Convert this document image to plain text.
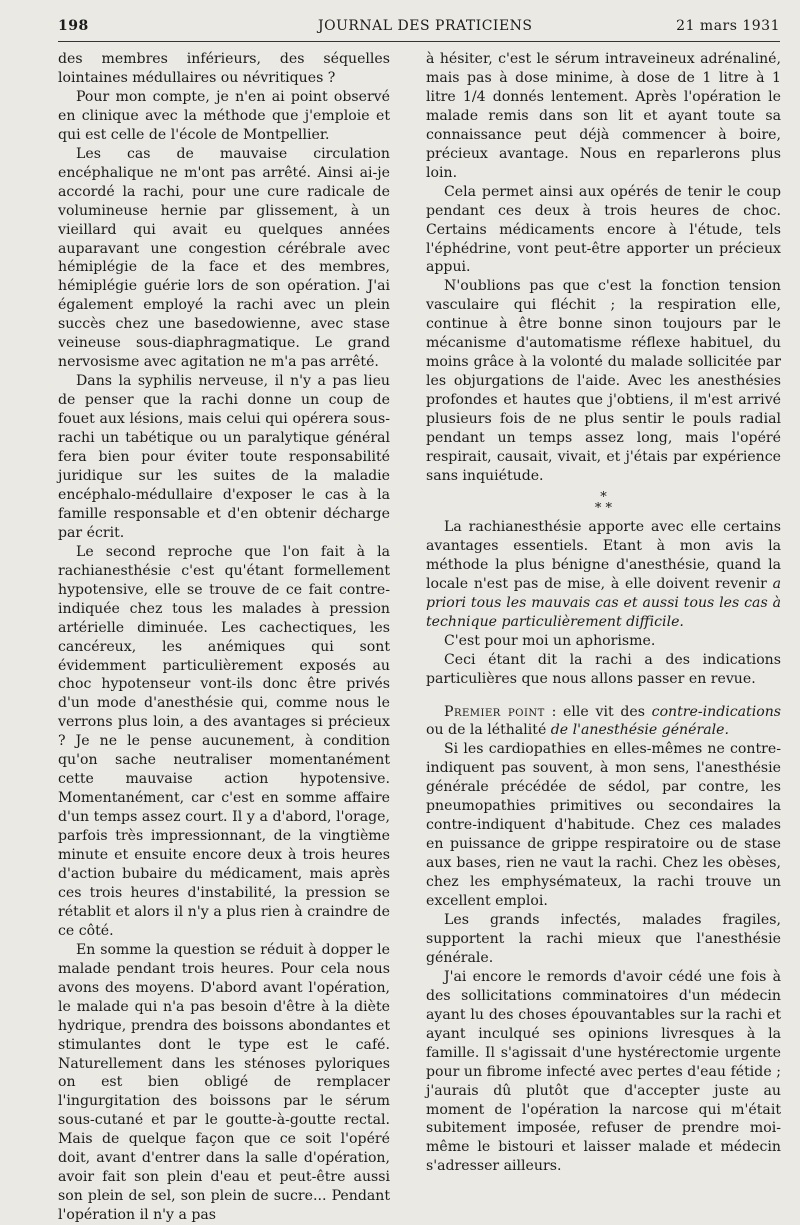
198	JOURNAL DES PRATICIENS	21 mars 1931

des membres inférieurs, des séquelles lointaines médullaires ou névritiques ?

Pour mon compte, je n'en ai point observé en clinique avec la méthode que j'emploie et qui est celle de l'école de Montpellier.

Les cas de mauvaise circulation encéphalique ne m'ont pas arrêté. Ainsi ai-je accordé la rachi, pour une cure radicale de volumineuse hernie par glissement, à un vieillard qui avait eu quelques années auparavant une congestion cérébrale avec hémiplégie de la face et des membres, hémiplégie guérie lors de son opération. J'ai également employé la rachi avec un plein succès chez une basedowienne, avec stase veineuse sous-diaphragmatique. Le grand nervosisme avec agitation ne m'a pas arrêté.

Dans la syphilis nerveuse, il n'y a pas lieu de penser que la rachi donne un coup de fouet aux lésions, mais celui qui opérera sous-rachi un tabétique ou un paralytique général fera bien pour éviter toute responsabilité juridique sur les suites de la maladie encéphalo-médullaire d'exposer le cas à la famille responsable et d'en obtenir décharge par écrit.

Le second reproche que l'on fait à la rachianesthésie c'est qu'étant formellement hypotensive, elle se trouve de ce fait contre-indiquée chez tous les malades à pression artérielle diminuée. Les cachectiques, les cancéreux, les anémiques qui sont évidemment particulièrement exposés au choc hypotenseur vont-ils donc être privés d'un mode d'anesthésie qui, comme nous le verrons plus loin, a des avantages si précieux ? Je ne le pense aucunement, à condition qu'on sache neutraliser momentanément cette mauvaise action hypotensive. Momentanément, car c'est en somme affaire d'un temps assez court. Il y a d'abord, l'orage, parfois très impressionnant, de la vingtième minute et ensuite encore deux à trois heures d'action bubaire du médicament, mais après ces trois heures d'instabilité, la pression se rétablit et alors il n'y a plus rien à craindre de ce côté.

En somme la question se réduit à dopper le malade pendant trois heures. Pour cela nous avons des moyens. D'abord avant l'opération, le malade qui n'a pas besoin d'être à la diète hydrique, prendra des boissons abondantes et stimulantes dont le type est le café. Naturellement dans les sténoses pyloriques on est bien obligé de remplacer l'ingurgitation des boissons par le sérum sous-cutané et par le goutte-à-goutte rectal. Mais de quelque façon que ce soit l'opéré doit, avant d'entrer dans la salle d'opération, avoir fait son plein d'eau et peut-être aussi son plein de sel, son plein de sucre... Pendant l'opération il n'y a pas

à hésiter, c'est le sérum intraveineux adrénaliné, mais pas à dose minime, à dose de 1 litre à 1 litre 1/4 donnés lentement. Après l'opération le malade remis dans son lit et ayant toute sa connaissance peut déjà commencer à boire, précieux avantage. Nous en reparlerons plus loin.

Cela permet ainsi aux opérés de tenir le coup pendant ces deux à trois heures de choc. Certains médicaments encore à l'étude, tels l'éphédrine, vont peut-être apporter un précieux appui.

N'oublions pas que c'est la fonction tension vasculaire qui fléchit ; la respiration elle, continue à être bonne sinon toujours par le mécanisme d'automatisme réflexe habituel, du moins grâce à la volonté du malade sollicitée par les objurgations de l'aide. Avec les anesthésies profondes et hautes que j'obtiens, il m'est arrivé plusieurs fois de ne plus sentir le pouls radial pendant un temps assez long, mais l'opéré respirait, causait, vivait, et j'étais par expérience sans inquiétude.

*
* *

La rachianesthésie apporte avec elle certains avantages essentiels. Etant à mon avis la méthode la plus bénigne d'anesthésie, quand la locale n'est pas de mise, à elle doivent revenir a priori tous les mauvais cas et aussi tous les cas à technique particulièrement difficile.

C'est pour moi un aphorisme.

Ceci étant dit la rachi a des indications particulières que nous allons passer en revue.

Premier point : elle vit des contre-indications ou de la léthalité de l'anesthésie générale.

Si les cardiopathies en elles-mêmes ne contre-indiquent pas souvent, à mon sens, l'anesthésie générale précédée de sédol, par contre, les pneumopathies primitives ou secondaires la contre-indiquent d'habitude. Chez ces malades en puissance de grippe respiratoire ou de stase aux bases, rien ne vaut la rachi. Chez les obèses, chez les emphysémateux, la rachi trouve un excellent emploi.

Les grands infectés, malades fragiles, supportent la rachi mieux que l'anesthésie générale.

J'ai encore le remords d'avoir cédé une fois à des sollicitations comminatoires d'un médecin ayant lu des choses épouvantables sur la rachi et ayant inculqué ses opinions livresques à la famille. Il s'agissait d'une hystérectomie urgente pour un fibrome infecté avec pertes d'eau fétide ; j'aurais dû plutôt que d'accepter juste au moment de l'opération la narcose qui m'était subitement imposée, refuser de prendre moi-même le bistouri et laisser malade et médecin s'adresser ailleurs.
